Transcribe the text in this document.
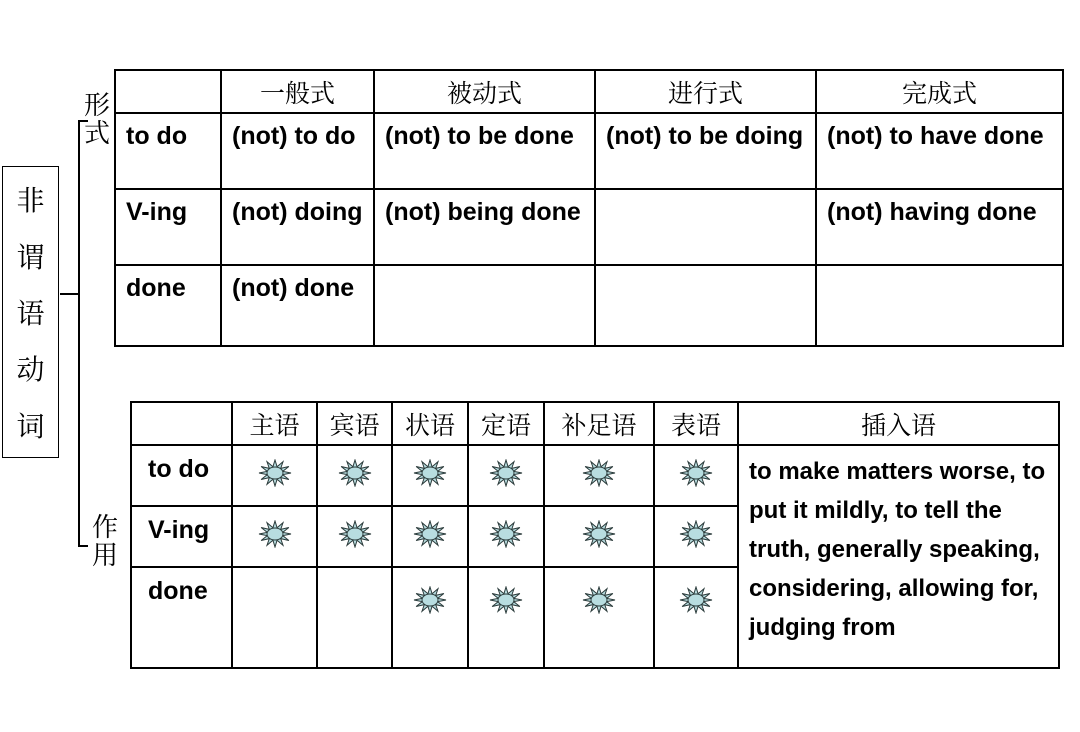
非
谓
语
动
词
形式
作用
	一般式	被动式	进行式	完成式
to do	(not) to do	(not) to be done	(not) to be doing	(not) to have done
V-ing	(not) doing	(not) being done		(not) having done
done	(not) done			
	主语	宾语	状语	定语	补足语	表语	插入语
to do							to make matters worse, to put it mildly, to tell the truth, generally speaking, considering, allowing for, judging from
V-ing						
done						
